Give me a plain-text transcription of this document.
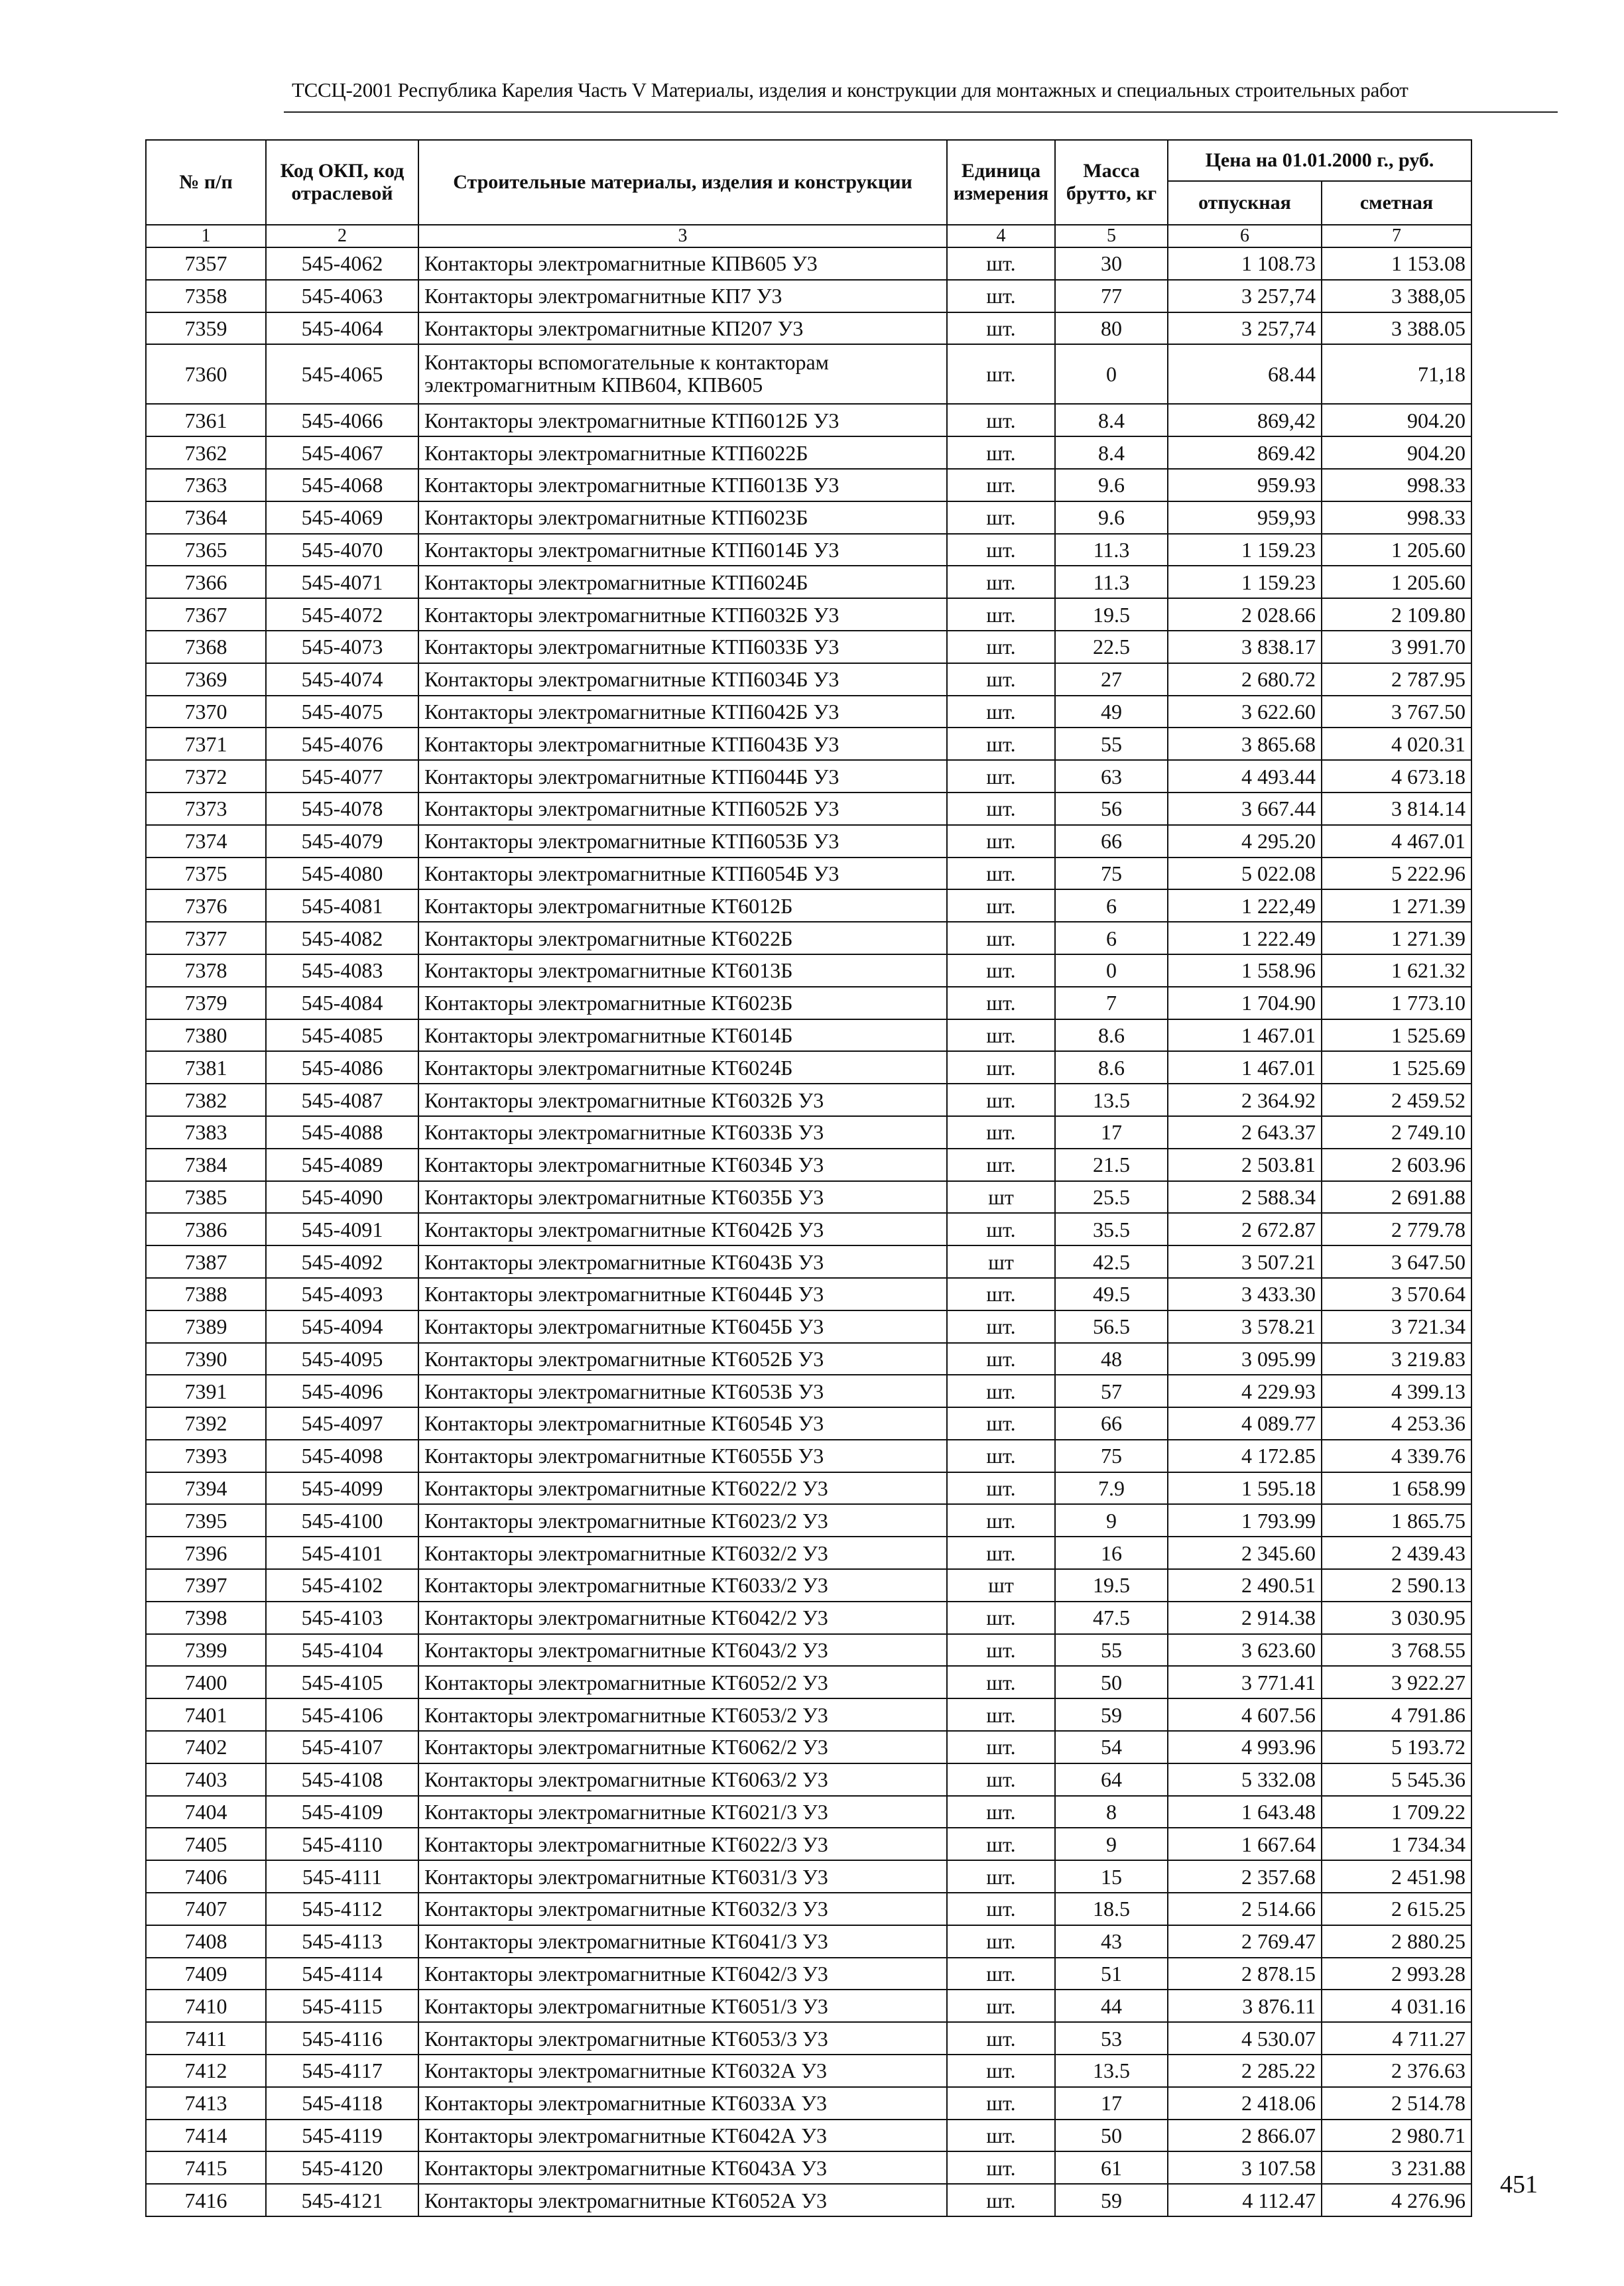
ТССЦ-2001 Республика Карелия Часть V Материалы, изделия и конструкции для монтажных и специальных строительных работ
№ п/п	Код ОКП, код отраслевой	Строительные материалы, изделия и конструкции	Единица измерения	Масса брутто, кг	Цена на 01.01.2000 г., руб.	
					отпускная	сметная
1	2	3	4	5	6	7
7357	545-4062	Контакторы электромагнитные КПВ605 У3	шт.	30	1 108.73	1 153.08
7358	545-4063	Контакторы электромагнитные КП7 У3	шт.	77	3 257,74	3 388,05
7359	545-4064	Контакторы электромагнитные КП207 У3	шт.	80	3 257,74	3 388.05
7360	545-4065	Контакторы вспомогательные к контакторам электромагнитным КПВ604, КПВ605	шт.	0	68.44	71,18
7361	545-4066	Контакторы электромагнитные КТП6012Б У3	шт.	8.4	869,42	904.20
7362	545-4067	Контакторы электромагнитные КТП6022Б	шт.	8.4	869.42	904.20
7363	545-4068	Контакторы электромагнитные КТП6013Б У3	шт.	9.6	959.93	998.33
7364	545-4069	Контакторы электромагнитные КТП6023Б	шт.	9.6	959,93	998.33
7365	545-4070	Контакторы электромагнитные КТП6014Б У3	шт.	11.3	1 159.23	1 205.60
7366	545-4071	Контакторы электромагнитные КТП6024Б	шт.	11.3	1 159.23	1 205.60
7367	545-4072	Контакторы электромагнитные КТП6032Б У3	шт.	19.5	2 028.66	2 109.80
7368	545-4073	Контакторы электромагнитные КТП6033Б У3	шт.	22.5	3 838.17	3 991.70
7369	545-4074	Контакторы электромагнитные КТП6034Б У3	шт.	27	2 680.72	2 787.95
7370	545-4075	Контакторы электромагнитные КТП6042Б У3	шт.	49	3 622.60	3 767.50
7371	545-4076	Контакторы электромагнитные КТП6043Б У3	шт.	55	3 865.68	4 020.31
7372	545-4077	Контакторы электромагнитные КТП6044Б У3	шт.	63	4 493.44	4 673.18
7373	545-4078	Контакторы электромагнитные КТП6052Б У3	шт.	56	3 667.44	3 814.14
7374	545-4079	Контакторы электромагнитные КТП6053Б У3	шт.	66	4 295.20	4 467.01
7375	545-4080	Контакторы электромагнитные КТП6054Б У3	шт.	75	5 022.08	5 222.96
7376	545-4081	Контакторы электромагнитные КТ6012Б	шт.	6	1 222,49	1 271.39
7377	545-4082	Контакторы электромагнитные КТ6022Б	шт.	6	1 222.49	1 271.39
7378	545-4083	Контакторы электромагнитные КТ6013Б	шт.	0	1 558.96	1 621.32
7379	545-4084	Контакторы электромагнитные КТ6023Б	шт.	7	1 704.90	1 773.10
7380	545-4085	Контакторы электромагнитные КТ6014Б	шт.	8.6	1 467.01	1 525.69
7381	545-4086	Контакторы электромагнитные КТ6024Б	шт.	8.6	1 467.01	1 525.69
7382	545-4087	Контакторы электромагнитные КТ6032Б У3	шт.	13.5	2 364.92	2 459.52
7383	545-4088	Контакторы электромагнитные КТ6033Б У3	шт.	17	2 643.37	2 749.10
7384	545-4089	Контакторы электромагнитные КТ6034Б У3	шт.	21.5	2 503.81	2 603.96
7385	545-4090	Контакторы электромагнитные КТ6035Б У3	шт	25.5	2 588.34	2 691.88
7386	545-4091	Контакторы электромагнитные КТ6042Б У3	шт.	35.5	2 672.87	2 779.78
7387	545-4092	Контакторы электромагнитные КТ6043Б У3	шт	42.5	3 507.21	3 647.50
7388	545-4093	Контакторы электромагнитные КТ6044Б У3	шт.	49.5	3 433.30	3 570.64
7389	545-4094	Контакторы электромагнитные КТ6045Б У3	шт.	56.5	3 578.21	3 721.34
7390	545-4095	Контакторы электромагнитные КТ6052Б У3	шт.	48	3 095.99	3 219.83
7391	545-4096	Контакторы электромагнитные КТ6053Б У3	шт.	57	4 229.93	4 399.13
7392	545-4097	Контакторы электромагнитные КТ6054Б У3	шт.	66	4 089.77	4 253.36
7393	545-4098	Контакторы электромагнитные КТ6055Б У3	шт.	75	4 172.85	4 339.76
7394	545-4099	Контакторы электромагнитные КТ6022/2 У3	шт.	7.9	1 595.18	1 658.99
7395	545-4100	Контакторы электромагнитные КТ6023/2 У3	шт.	9	1 793.99	1 865.75
7396	545-4101	Контакторы электромагнитные КТ6032/2 У3	шт.	16	2 345.60	2 439.43
7397	545-4102	Контакторы электромагнитные КТ6033/2 У3	шт	19.5	2 490.51	2 590.13
7398	545-4103	Контакторы электромагнитные КТ6042/2 У3	шт.	47.5	2 914.38	3 030.95
7399	545-4104	Контакторы электромагнитные КТ6043/2 У3	шт.	55	3 623.60	3 768.55
7400	545-4105	Контакторы электромагнитные КТ6052/2 У3	шт.	50	3 771.41	3 922.27
7401	545-4106	Контакторы электромагнитные КТ6053/2 У3	шт.	59	4 607.56	4 791.86
7402	545-4107	Контакторы электромагнитные КТ6062/2 У3	шт.	54	4 993.96	5 193.72
7403	545-4108	Контакторы электромагнитные КТ6063/2 У3	шт.	64	5 332.08	5 545.36
7404	545-4109	Контакторы электромагнитные КТ6021/3 У3	шт.	8	1 643.48	1 709.22
7405	545-4110	Контакторы электромагнитные КТ6022/3 У3	шт.	9	1 667.64	1 734.34
7406	545-4111	Контакторы электромагнитные КТ6031/3 У3	шт.	15	2 357.68	2 451.98
7407	545-4112	Контакторы электромагнитные КТ6032/3 У3	шт.	18.5	2 514.66	2 615.25
7408	545-4113	Контакторы электромагнитные КТ6041/3 У3	шт.	43	2 769.47	2 880.25
7409	545-4114	Контакторы электромагнитные КТ6042/3 У3	шт.	51	2 878.15	2 993.28
7410	545-4115	Контакторы электромагнитные КТ6051/3 У3	шт.	44	3 876.11	4 031.16
7411	545-4116	Контакторы электромагнитные КТ6053/3 У3	шт.	53	4 530.07	4 711.27
7412	545-4117	Контакторы электромагнитные КТ6032А У3	шт.	13.5	2 285.22	2 376.63
7413	545-4118	Контакторы электромагнитные КТ6033А У3	шт.	17	2 418.06	2 514.78
7414	545-4119	Контакторы электромагнитные КТ6042А У3	шт.	50	2 866.07	2 980.71
7415	545-4120	Контакторы электромагнитные КТ6043А У3	шт.	61	3 107.58	3 231.88
7416	545-4121	Контакторы электромагнитные КТ6052А У3	шт.	59	4 112.47	4 276.96
451
